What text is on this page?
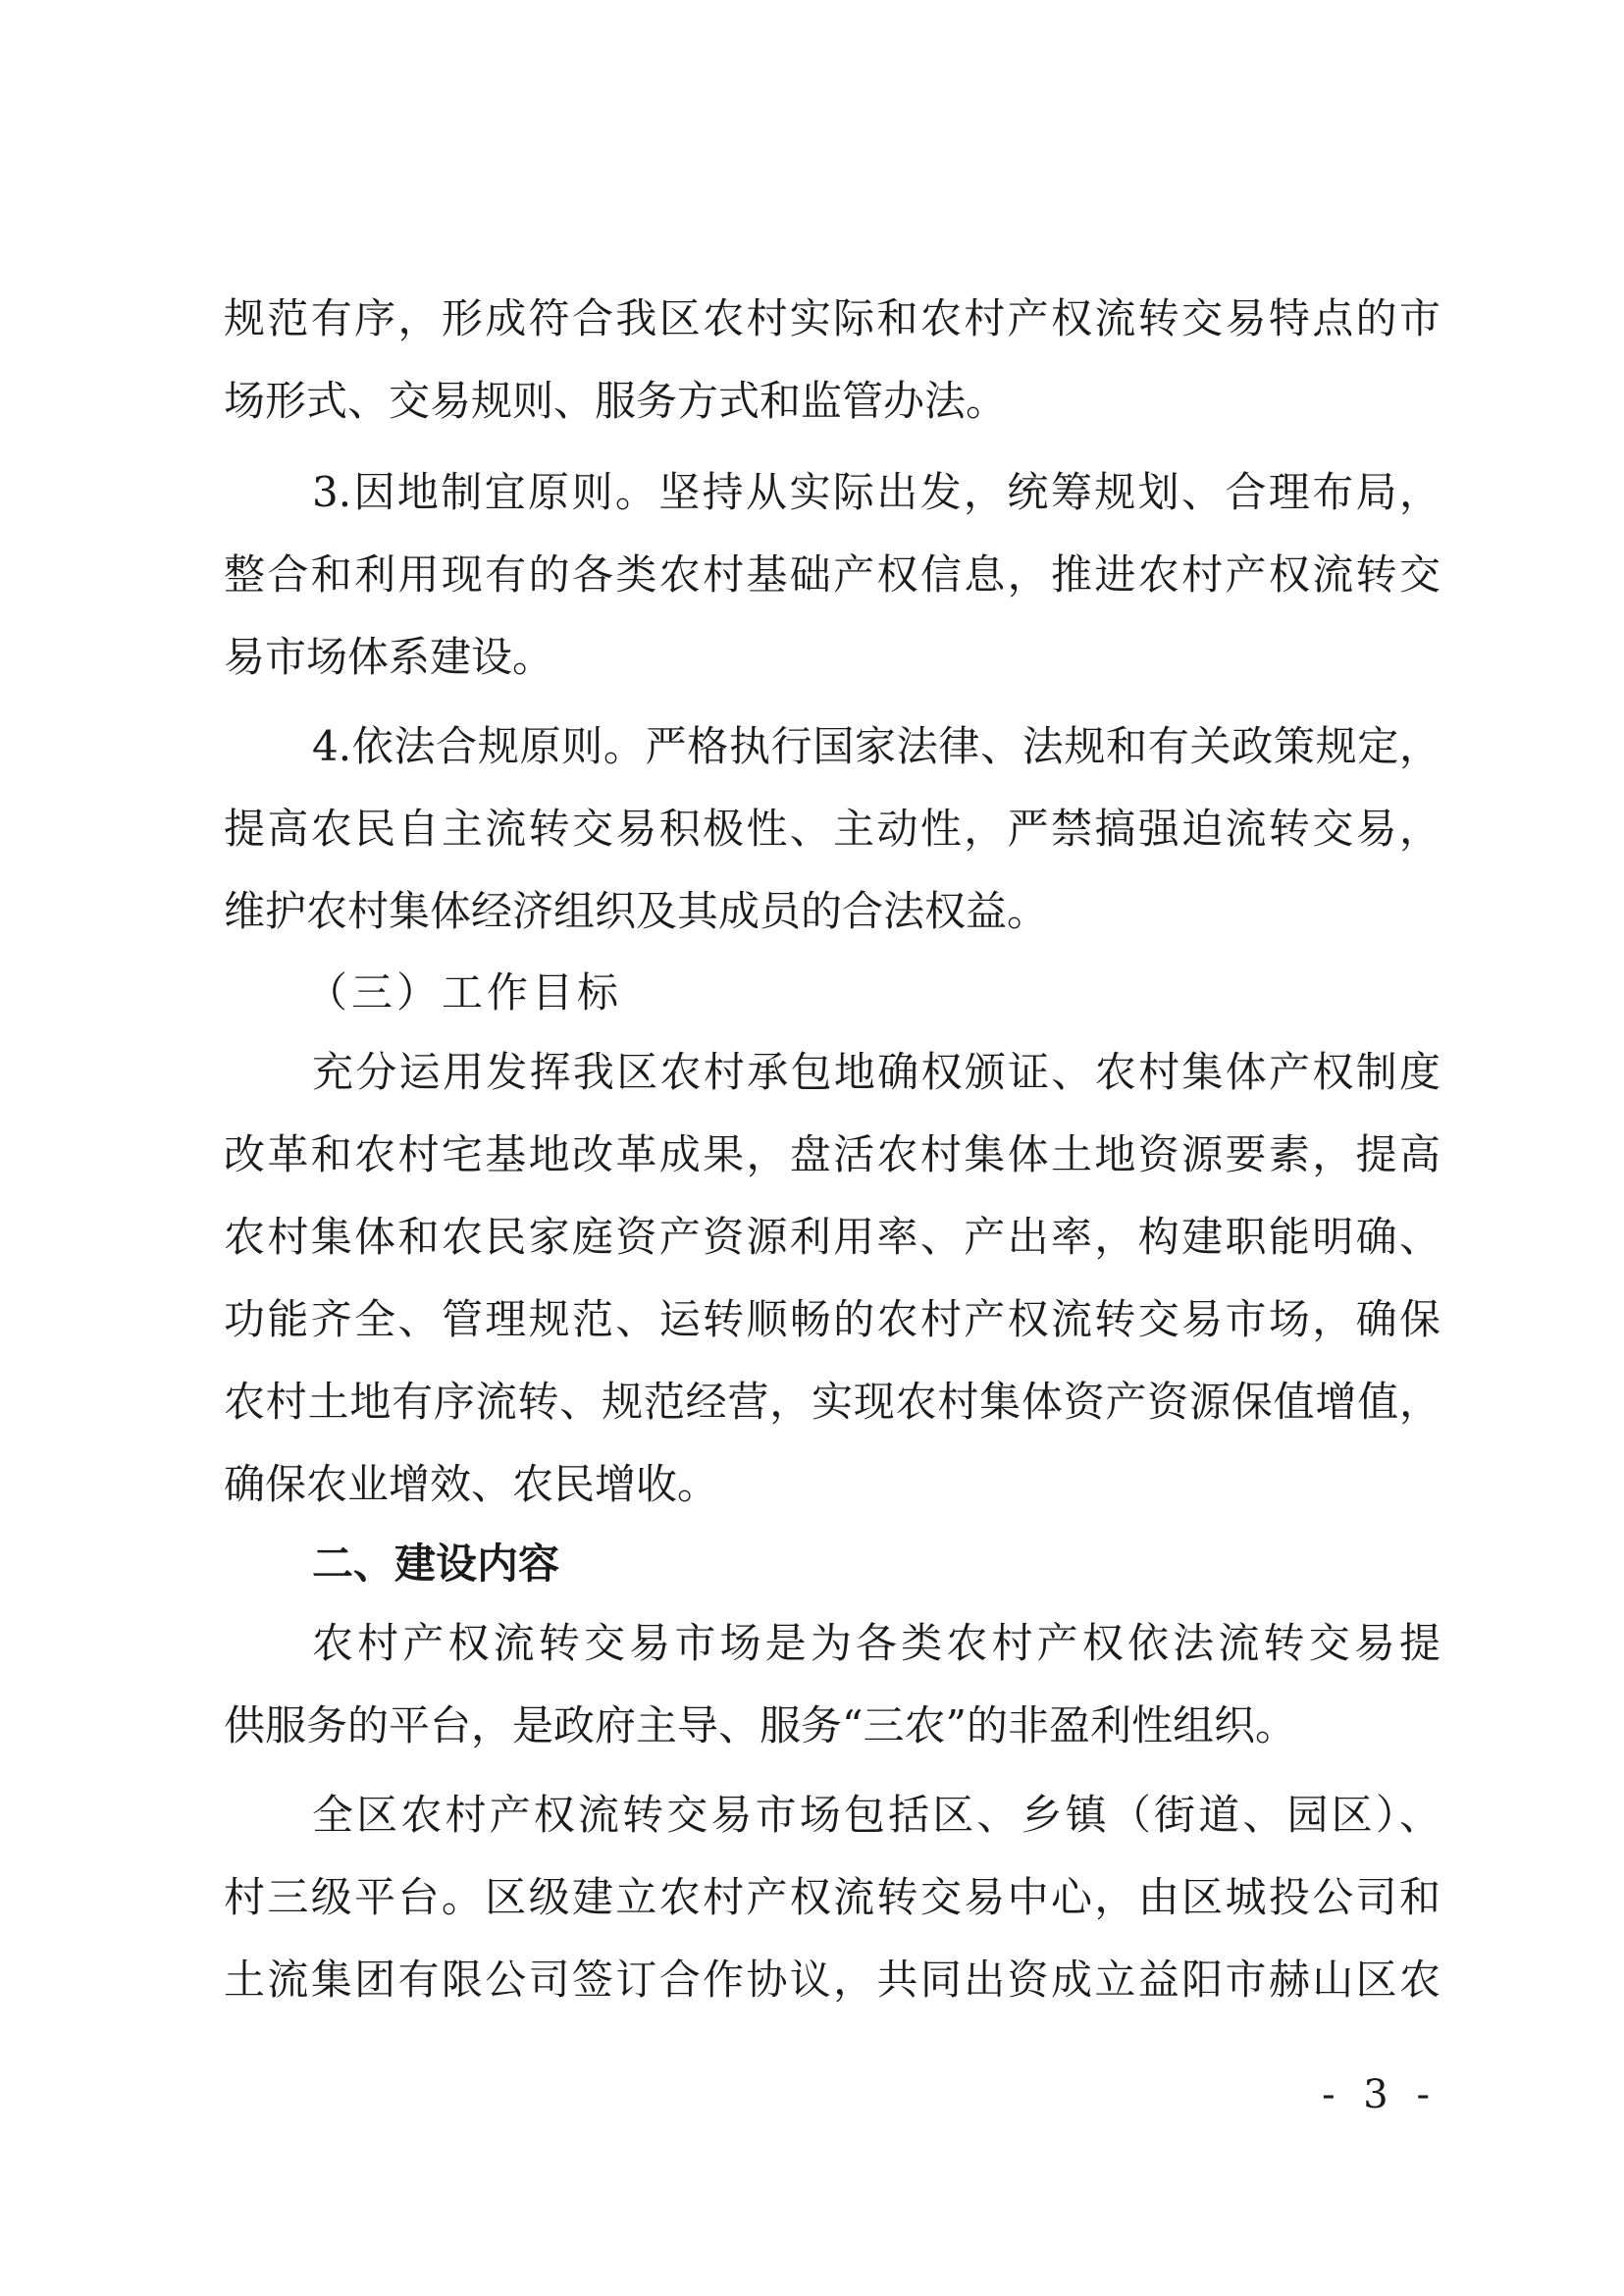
规范有序，形成符合我区农村实际和农村产权流转交易特点的市
场形式、交易规则、服务方式和监管办法。
3.因地制宜原则。坚持从实际出发，统筹规划、合理布局，
整合和利用现有的各类农村基础产权信息，推进农村产权流转交
易市场体系建设。
4.依法合规原则。严格执行国家法律、法规和有关政策规定，
提高农民自主流转交易积极性、主动性，严禁搞强迫流转交易，
维护农村集体经济组织及其成员的合法权益。
（三）工作目标
充分运用发挥我区农村承包地确权颁证、农村集体产权制度
改革和农村宅基地改革成果，盘活农村集体土地资源要素，提高
农村集体和农民家庭资产资源利用率、产出率，构建职能明确、
功能齐全、管理规范、运转顺畅的农村产权流转交易市场，确保
农村土地有序流转、规范经营，实现农村集体资产资源保值增值，
确保农业增效、农民增收。
二、建设内容
农村产权流转交易市场是为各类农村产权依法流转交易提
供服务的平台，是政府主导、服务“三农”的非盈利性组织。
全区农村产权流转交易市场包括区、乡镇（街道、园区）、
村三级平台。区级建立农村产权流转交易中心，由区城投公司和
土流集团有限公司签订合作协议，共同出资成立益阳市赫山区农
- 3 -
